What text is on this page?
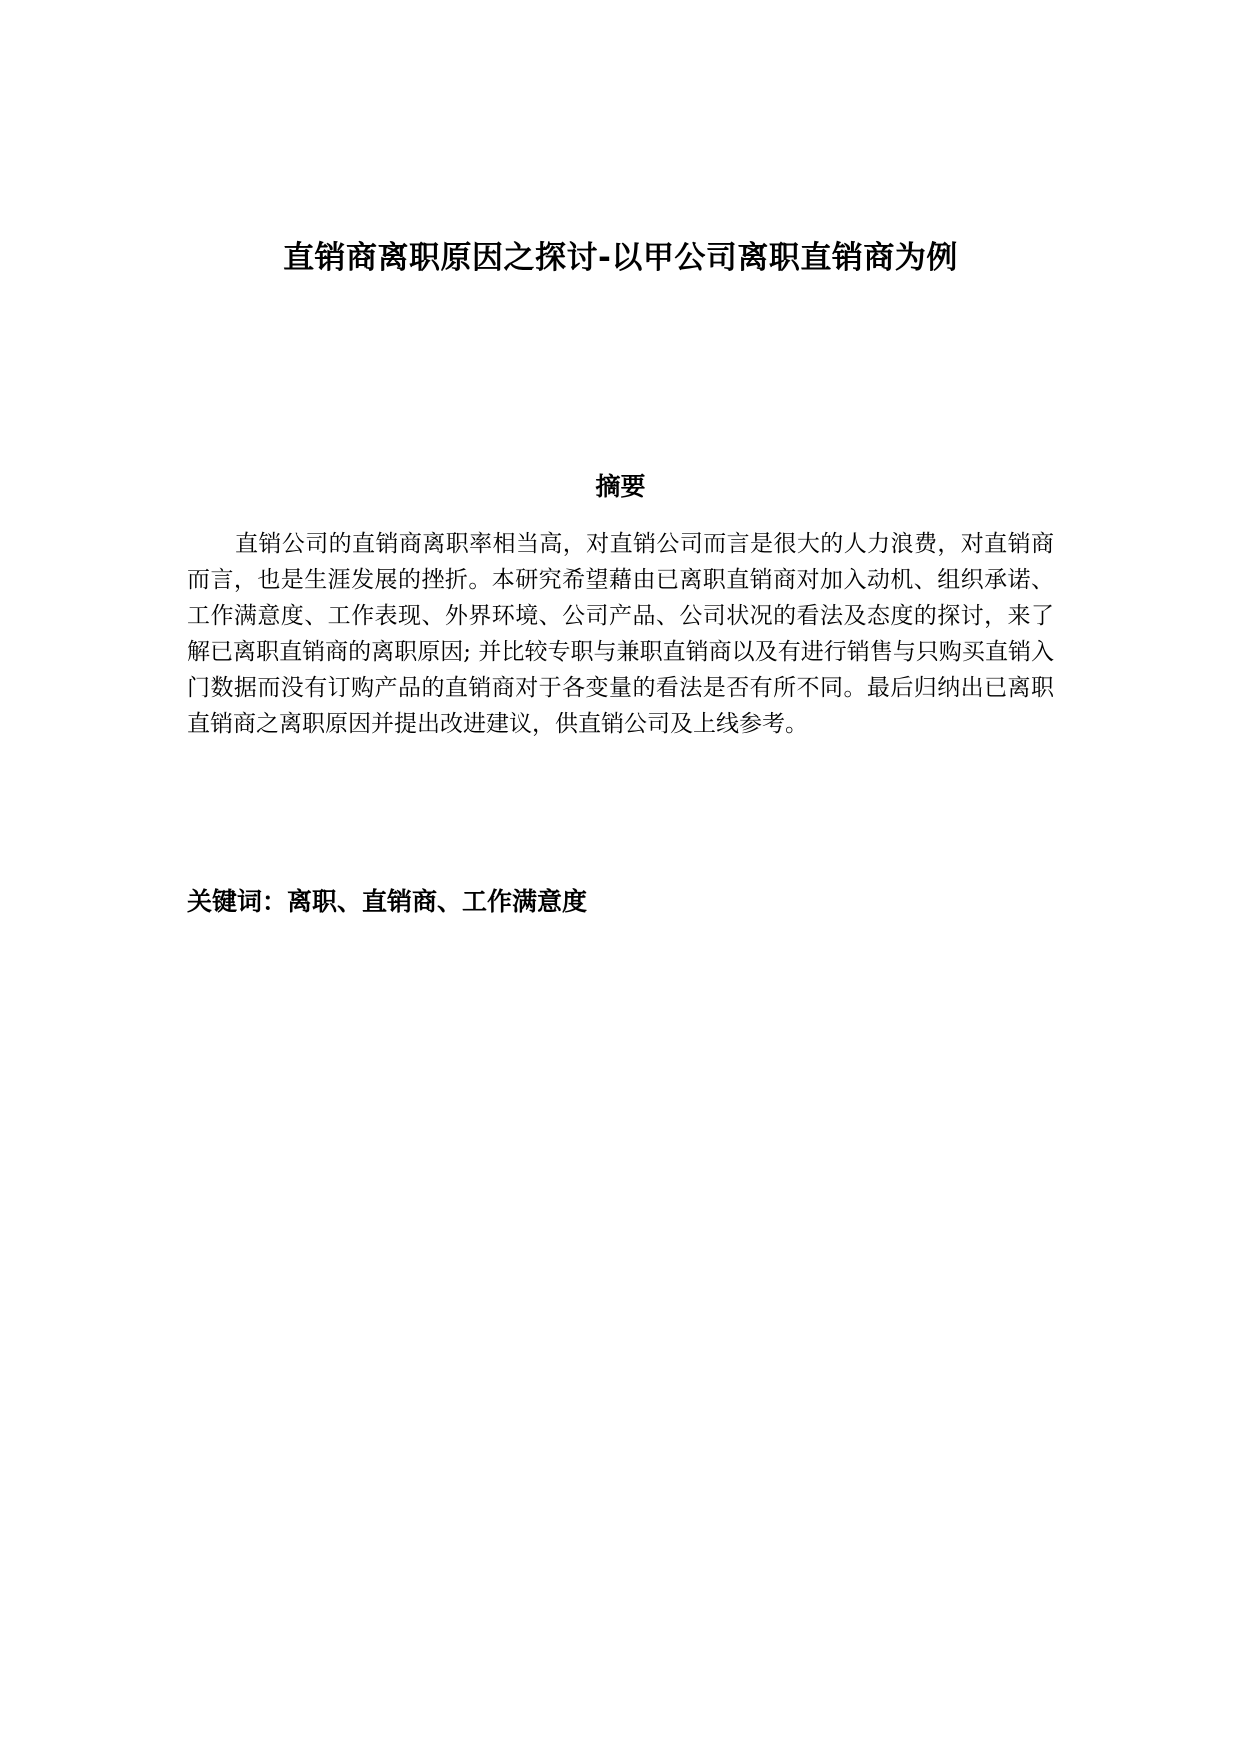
直销商离职原因之探讨-以甲公司离职直销商为例
摘要

直销公司的直销商离职率相当高，对直销公司而言是很大的人力浪费，对直销商而言，也是生涯发展的挫折。本研究希望藉由已离职直销商对加入动机、组织承诺、工作满意度、工作表现、外界环境、公司产品、公司状况的看法及态度的探讨，来了解已离职直销商的离职原因; 并比较专职与兼职直销商以及有进行销售与只购买直销入门数据而没有订购产品的直销商对于各变量的看法是否有所不同。最后归纳出已离职直销商之离职原因并提出改进建议，供直销公司及上线参考。

关键词：离职、直销商、工作满意度
